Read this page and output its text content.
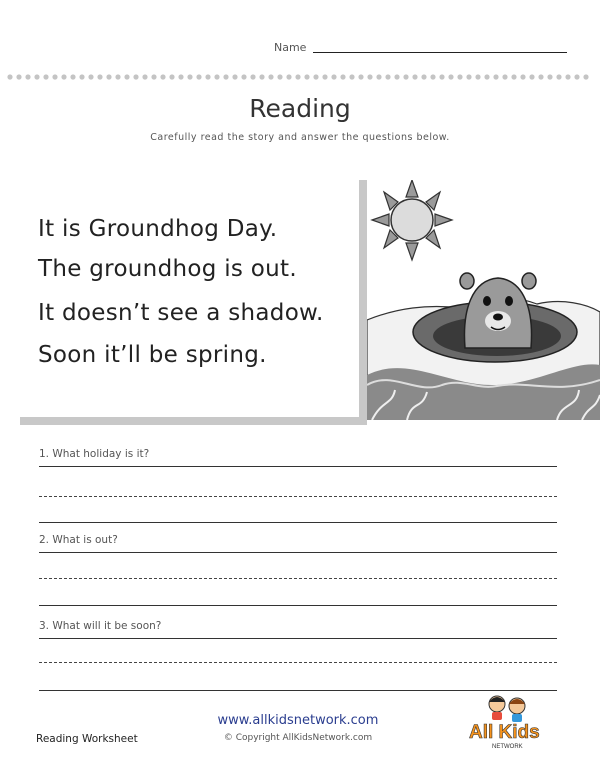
Name
Reading
Carefully read the story and answer the questions below.
It is Groundhog Day.
The groundhog is out.
It doesn’t see a shadow.
Soon it’ll be spring.
1. What holiday is it?
2. What is out?
3. What will it be soon?
Reading Worksheet
www.allkidsnetwork.com
© Copyright AllKidsNetwork.com	All Kids
NETWORK
